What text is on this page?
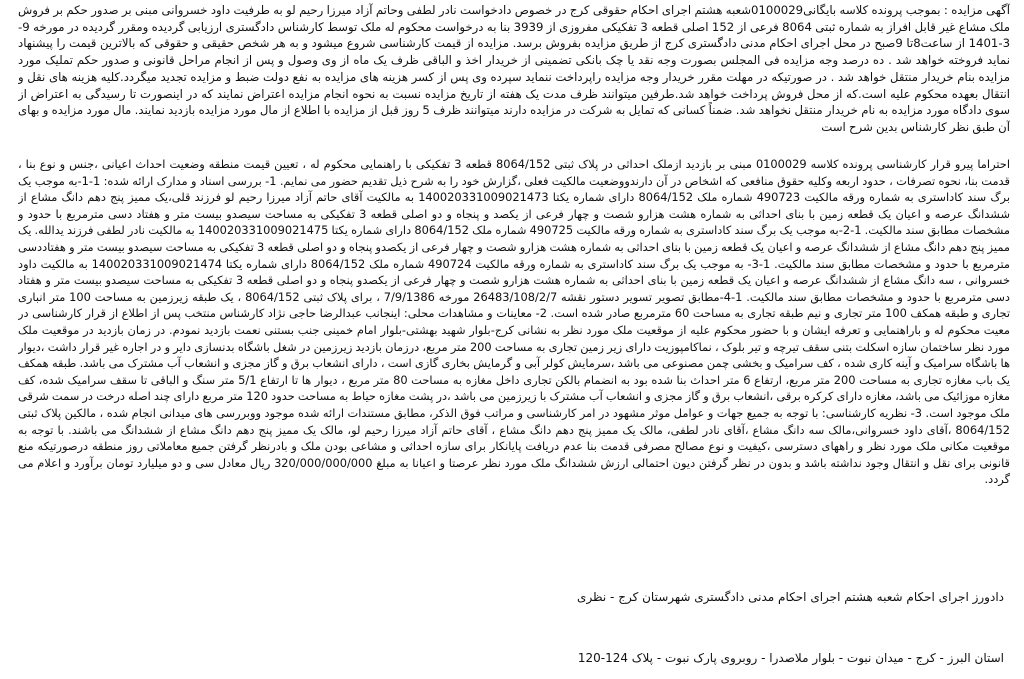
آگهی مزایده : بموجب پرونده کلاسه بایگانی0100029شعبه هشتم اجرای احکام حقوقی کرج در خصوص دادخواست نادر لطفی وحاتم آزاد میرزا رحیم لو به طرفیت داود خسروانی مبنی بر صدور حکم بر فروش ملک مشاع غیر قابل افراز به شماره ثبتی 8064 فرعی از 152 اصلی قطعه 3 تفکیکی مفروزی از 3939 بنا به درخواست محکوم له ملک توسط کارشناس دادگستری ارزیابی گردیده ومقرر گردیده در مورخه 9-3-1401 از ساعت8تا 9صبح در محل اجرای احکام مدنی دادگستری کرج از طریق مزایده بفروش برسد. مزایده از قیمت کارشناسی شروع میشود و به هر شخص حقیقی و حقوقی که بالاترین قیمت را پیشنهاد نماید فروخته خواهد شد . ده درصد وجه مزایده فی المجلس بصورت وجه نقد یا چک بانکی تضمینی از خریدار اخذ و الباقی ظرف یک ماه از وی وصول و پس از انجام مراحل قانونی و صدور حکم تملیک مورد مزایده بنام خریدار منتقل خواهد شد . در صورتیکه در مهلت مقرر خریدار وجه مزایده راپرداخت ننماید سپرده وی پس از کسر هزینه های مزایده به نفع دولت ضبط و مزایده تجدید میگردد.کلیه هزینه های نقل و انتقال بعهده محکوم علیه است.که از محل فروش پرداخت خواهد شد.طرفین میتوانند ظرف مدت یک هفته از تاریخ مزایده نسبت به نحوه انجام مزایده اعتراض نمایند که در اینصورت تا رسیدگی به اعتراض از سوی دادگاه مورد مزایده به نام خریدار منتقل نخواهد شد. ضمناً کسانی که تمایل به شرکت در مزایده دارند میتوانند ظرف 5 روز قبل از مزایده با اطلاع از مال مورد مزایده بازدید نمایند. مال مورد مزایده و بهای آن طبق نظر کارشناس بدین شرح است

احتراما پیرو قرار کارشناسی پرونده کلاسه 0100029 مبنی بر بازدید ازملک احداثی در پلاک ثبتی 8064/152 قطعه 3 تفکیکی با راهنمایی محکوم له ، تعیین قیمت منطقه وضعیت احداث اعیانی ،جنس و نوع بنا ، قدمت بنا، نحوه تصرفات ، حدود اربعه وکلیه حقوق منافعی که اشخاص در آن دارندووضعیت مالکیت فعلی ،گزارش خود را به شرح ذیل تقدیم حضور می نمایم. 1- بررسی اسناد و مدارک ارائه شده: 1-1-به موجب یک برگ سند کاداستری به شماره ورقه مالکیت 490723 شماره ملک 8064/152 دارای شماره یکتا 140020331009021473 به مالکیت آقای حاتم آزاد میرزا رحیم لو فرزند قلی،یک ممیز پنج دهم دانگ مشاع از ششدانگ عرصه و اعیان یک قطعه زمین با بنای احداثی به شماره هشت هزارو شصت و چهار فرعی از یکصد و پنجاه و دو اصلی قطعه 3 تفکیکی به مساحت سیصدو بیست متر و هفتاد دسی مترمربع با حدود و مشخصات مطابق سند مالکیت. 1-2-به موجب یک برگ سند کاداستری به شماره ورقه مالکیت 490725 شماره ملک 8064/152 دارای شماره یکتا 140020331009021475 به مالکیت نادر لطفی فرزند یدالله. یک ممیز پنج دهم دانگ مشاع از ششدانگ عرصه و اعیان یک قطعه زمین با بنای احداثی به شماره هشت هزارو شصت و چهار فرعی از یکصدو پنجاه و دو اصلی قطعه 3 تفکیکی به مساحت سیصدو بیست متر و هفتاددسی مترمربع با حدود و مشخصات مطابق سند مالکیت. 1-3- به موجب یک برگ سند کاداستری به شماره ورقه مالکیت 490724 شماره ملک 8064/152 دارای شماره یکتا 140020331009021474 به مالکیت داود خسروانی ، سه دانگ مشاع از ششدانگ عرصه و اعیان یک قطعه زمین با بنای احداثی به شماره هشت هزارو شصت و چهار فرعی از یکصدو پنجاه و دو اصلی قطعه 3 تفکیکی به مساحت سیصدو بیست متر و هفتاد دسی مترمربع با حدود و مشخصات مطابق سند مالکیت. 1-4-مطابق تصویر تسویر دستور نقشه 26483/108/2/7 مورخه 7/9/1386 ، برای پلاک ثبتی 8064/152 ، یک طبقه زیرزمین به مساحت 100 متر انباری تجاری و طبقه همکف 100 متر تجاری و نیم طبقه تجاری به مساحت 60 مترمربع صادر شده است. 2- معاینات و مشاهدات محلی: اینجانب عبدالرضا حاجی نژاد کارشناس منتخب پس از اطلاع از قرار کارشناسی در معیت محکوم له و باراهنمایی و تعرفه ایشان و با حضور محکوم علیه از موقعیت ملک مورد نظر به نشانی کرج-بلوار شهید بهشتی-بلوار امام خمینی جنب بستنی نعمت بازدید نمودم. در زمان بازدید در موقعیت ملک مورد نظر ساختمان سازه اسکلت بتنی سقف تیرچه و تیر بلوک ، نماکامپوزیت دارای زیر زمین تجاری به مساحت 200 متر مربع، درزمان بازدید زیرزمین در شغل باشگاه بدنسازی دایر و در اجاره غیر قرار داشت ،دیوار ها باشگاه سرامیک و آینه کاری شده ، کف سرامیک و بخشی چمن مصنوعی می باشد ،سرمایش کولر آبی و گرمایش بخاری گازی است ، دارای انشعاب برق و گاز مجزی و انشعاب آب مشترک می باشد. طبقه همکف یک باب مغازه تجاری به مساحت 200 متر مربع، ارتفاع 6 متر احداث بنا شده بود به انضمام بالکن تجاری داخل مغازه به مساحت 80 متر مربع ، دیوار ها تا ارتفاع 5/1 متر سنگ و الباقی تا سقف سرامیک شده، کف مغازه موزائیک می باشد، مغازه دارای کرکره برقی ،انشعاب برق و گاز مجزی و انشعاب آب مشترک با زیرزمین می باشد ،در پشت مغازه حیاط به مساحت حدود 120 متر مربع دارای چند اصله درخت در سمت شرقی ملک موجود است. 3- نظریه کارشناسی: با توجه به جمیع جهات و عوامل موثر مشهود در امر کارشناسی و مراتب فوق الذکر، مطابق مستندات ارائه شده موجود ووبررسی های میدانی انجام شده ، مالکین پلاک ثبتی 8064/152 ،آقای داود خسروانی،مالک سه دانگ مشاع ،آقای نادر لطفی، مالک یک ممیز پنج دهم دانگ مشاع ، آقای حاتم آزاد میرزا رحیم لو، مالک یک ممیز پنج دهم دانگ مشاع از ششدانگ می باشند. با توجه به موقعیت مکانی ملک مورد نظر و راههای دسترسی ،کیفیت و نوع مصالح مصرفی قدمت بنا عدم دریافت پایانکار برای سازه احداثی و مشاعی بودن ملک و بادرنظر گرفتن جمیع معاملاتی روز منطقه درصورتیکه منع قانونی برای نقل و انتقال وجود نداشته باشد و بدون در نظر گرفتن دیون احتمالی ارزش ششدانگ ملک مورد نظر عرصتا و اعیانا به مبلغ 320/000/000/000 ریال معادل سی و دو میلیارد تومان برآورد و اعلام می گردد.

دادورز اجرای احکام شعبه هشتم اجرای احکام مدنی دادگستری شهرستان کرج - نظری
استان البرز - کرج - میدان نبوت - بلوار ملاصدرا - روبروی پارک نبوت - پلاک 124-120
